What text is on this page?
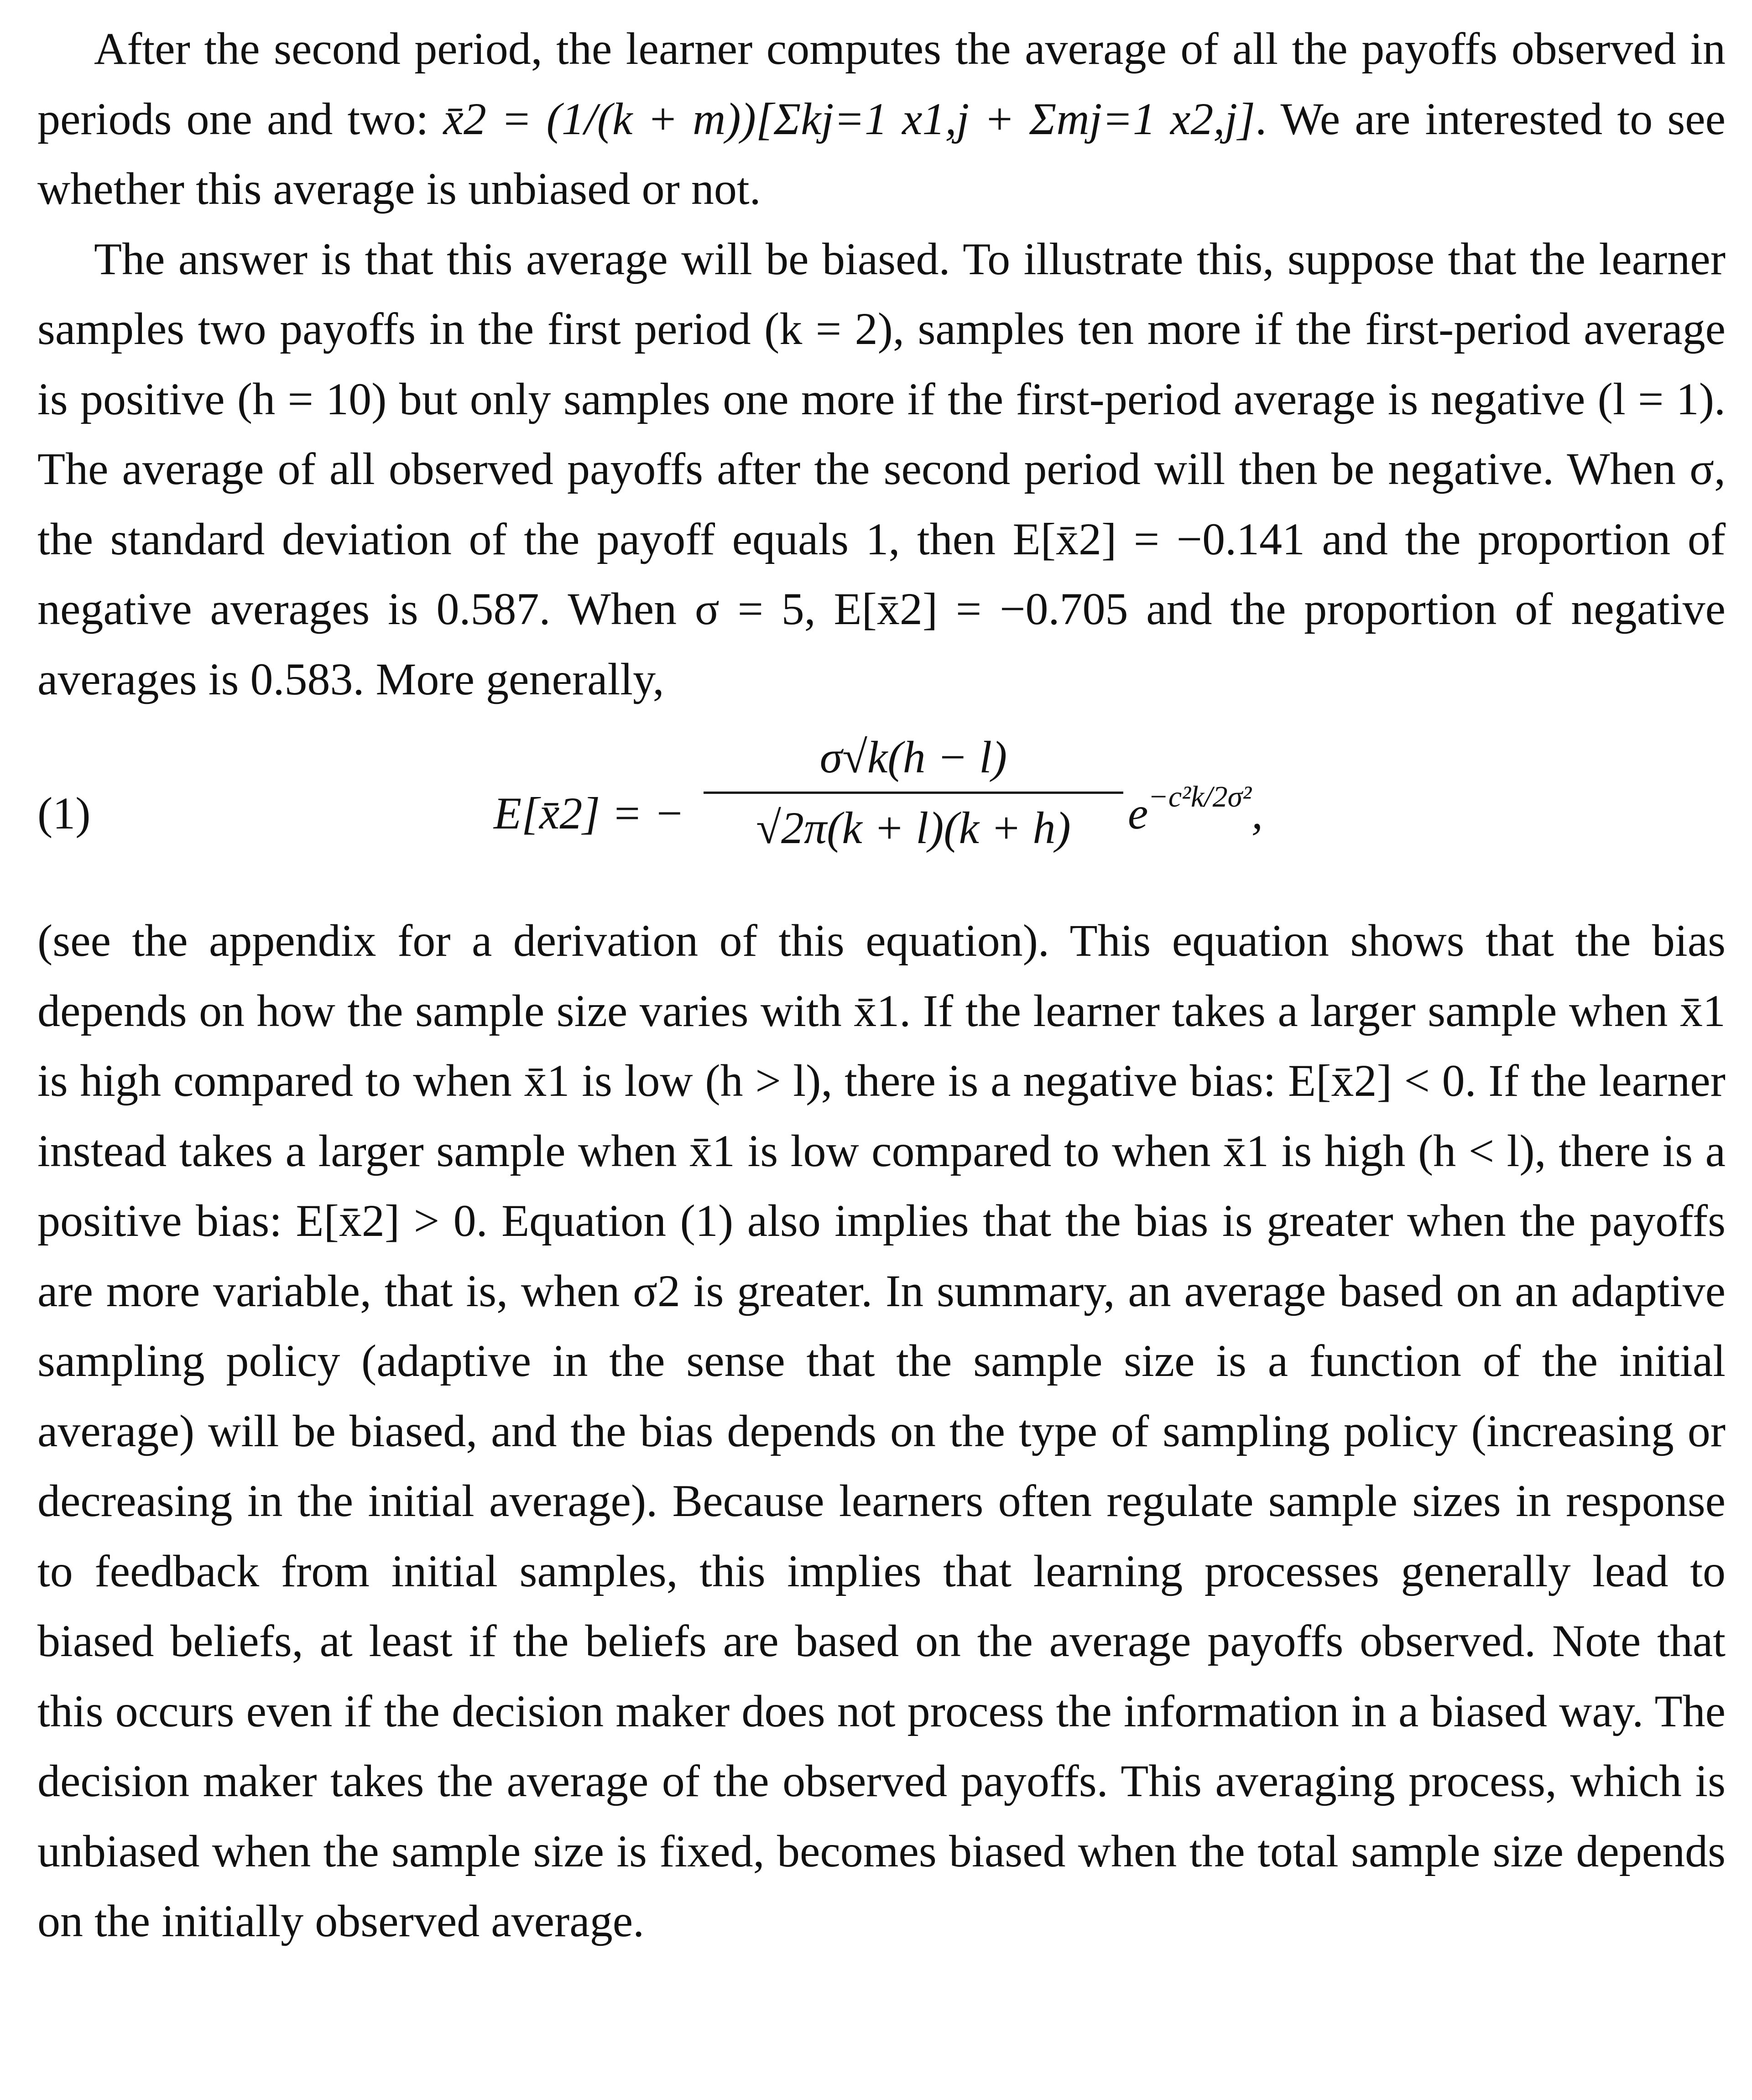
After the second period, the learner computes the average of all the payoffs observed in periods one and two: x̄2 = (1/(k + m))[Σkj=1 x1,j + Σmj=1 x2,j]. We are interested to see whether this average is unbiased or not.

The answer is that this average will be biased. To illustrate this, suppose that the learner samples two payoffs in the first period (k = 2), samples ten more if the first-period average is positive (h = 10) but only samples one more if the first-period average is negative (l = 1). The average of all observed payoffs after the second period will then be negative. When σ, the standard deviation of the payoff equals 1, then E[x̄2] = −0.141 and the proportion of negative averages is 0.587. When σ = 5, E[x̄2] = −0.705 and the proportion of negative averages is 0.583. More generally,

(1)	E[x̄2] = −
σ√k(h − l)
√2π(k + l)(k + h)	$e^{-c^2k/2\sigma^2}$,

(see the appendix for a derivation of this equation). This equation shows that the bias depends on how the sample size varies with x̄1. If the learner takes a larger sample when x̄1 is high compared to when x̄1 is low (h > l), there is a negative bias: E[x̄2] < 0. If the learner instead takes a larger sample when x̄1 is low compared to when x̄1 is high (h < l), there is a positive bias: E[x̄2] > 0. Equation (1) also implies that the bias is greater when the payoffs are more variable, that is, when σ2 is greater. In summary, an average based on an adaptive sampling policy (adaptive in the sense that the sample size is a function of the initial average) will be biased, and the bias depends on the type of sampling policy (increasing or decreasing in the initial average). Because learners often regulate sample sizes in response to feedback from initial samples, this implies that learning processes generally lead to biased beliefs, at least if the beliefs are based on the average payoffs observed. Note that this occurs even if the decision maker does not process the information in a biased way. The decision maker takes the average of the observed payoffs. This averaging process, which is unbiased when the sample size is fixed, becomes biased when the total sample size depends on the initially observed average.
